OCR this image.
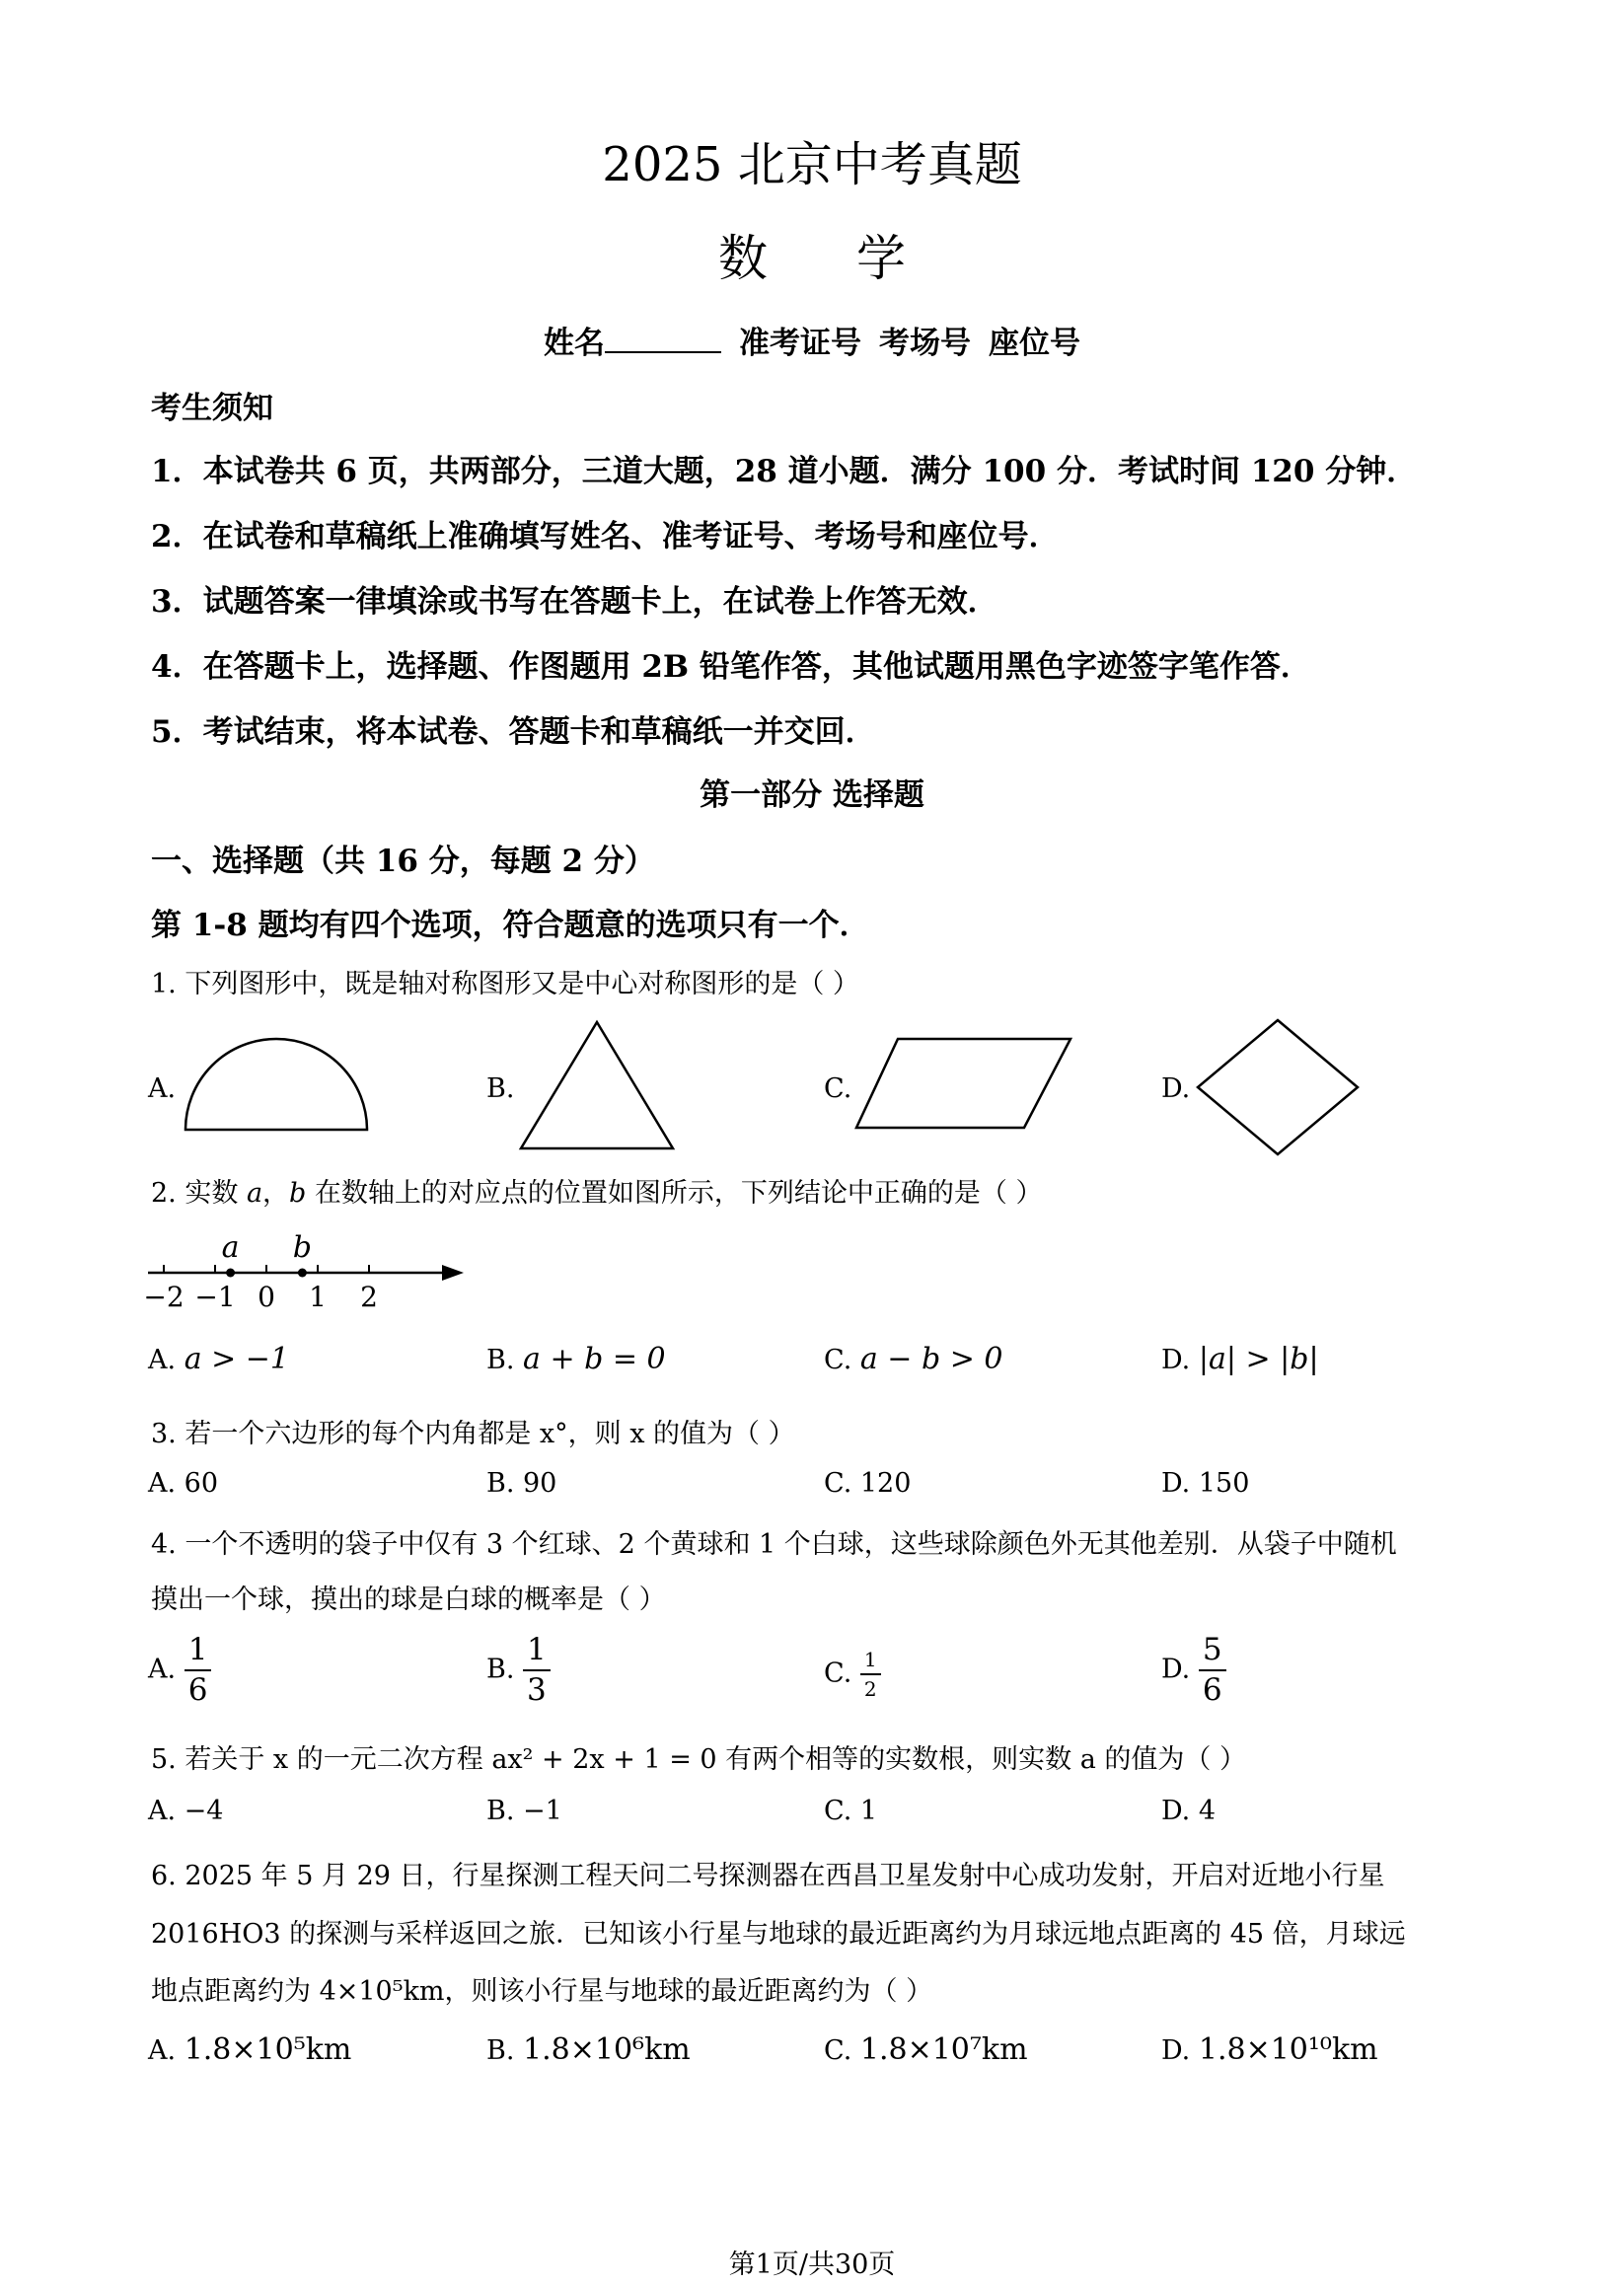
2025 北京中考真题
数学
姓名	准考证号 考场号 座位号
考生须知
1．本试卷共 6 页，共两部分，三道大题，28 道小题．满分 100 分．考试时间 120 分钟．
2．在试卷和草稿纸上准确填写姓名、准考证号、考场号和座位号．
3．试题答案一律填涂或书写在答题卡上，在试卷上作答无效．
4．在答题卡上，选择题、作图题用 2B 铅笔作答，其他试题用黑色字迹签字笔作答．
5．考试结束，将本试卷、答题卡和草稿纸一并交回．
第一部分 选择题
一、选择题（共 16 分，每题 2 分）
第 1-8 题均有四个选项，符合题意的选项只有一个．
1. 下列图形中，既是轴对称图形又是中心对称图形的是（ ）
A.	B.	C.	D.
2. 实数 a，b 在数轴上的对应点的位置如图所示，下列结论中正确的是（ ）
−2 −1 0 1 2
a b
A. a > −1	B. a + b = 0	C. a − b > 0	D. |a| > |b|
3. 若一个六边形的每个内角都是 x°，则 x 的值为（ ）
A. 60	B. 90	C. 120	D. 150
4. 一个不透明的袋子中仅有 3 个红球、2 个黄球和 1 个白球，这些球除颜色外无其他差别．从袋子中随机
摸出一个球，摸出的球是白球的概率是（ ）
A. $\frac{1}{6}$	B. $\frac{1}{3}$	C. $\frac{1}{2}$	D. $\frac{5}{6}$
5. 若关于 x 的一元二次方程 ax² + 2x + 1 = 0 有两个相等的实数根，则实数 a 的值为（ ）
A. −4	B. −1	C. 1	D. 4
6. 2025 年 5 月 29 日，行星探测工程天问二号探测器在西昌卫星发射中心成功发射，开启对近地小行星
2016HO3 的探测与采样返回之旅．已知该小行星与地球的最近距离约为月球远地点距离的 45 倍，月球远
地点距离约为 4×10⁵km，则该小行星与地球的最近距离约为（ ）
A. 1.8×10⁵km	B. 1.8×10⁶km	C. 1.8×10⁷km	D. 1.8×10¹⁰km
第1页/共30页
